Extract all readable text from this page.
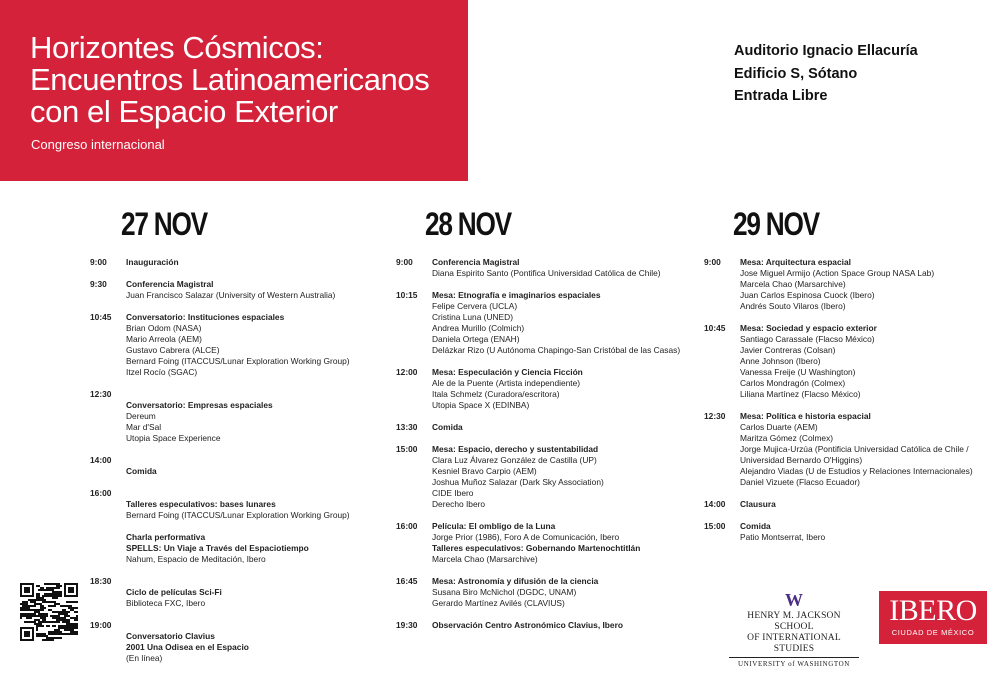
Horizontes Cósmicos:
Encuentros Latinoamericanos
con el Espacio Exterior
Congreso internacional
Auditorio Ignacio Ellacuría
Edificio S, Sótano
Entrada Libre
27 NOV	28 NOV	29 NOV
9:00 Inauguración
9:30 Conferencia Magistral
Juan Francisco Salazar (University of Western Australia)
10:45 Conversatorio: Instituciones espaciales
Brian Odom (NASA)
Mario Arreola (AEM)
Gustavo Cabrera (ALCE)
Bernard Foing (ITACCUS/Lunar Exploration Working Group)
Itzel Rocío (SGAC)
12:30
Conversatorio: Empresas espaciales
Dereum
Mar d'Sal
Utopia Space Experience
14:00
Comida
16:00
Talleres especulativos: bases lunares
Bernard Foing (ITACCUS/Lunar Exploration Working Group)
Charla performativa
SPELLS: Un Viaje a Través del Espaciotiempo
Nahum, Espacio de Meditación, Ibero
18:30
Ciclo de películas Sci-Fi
Biblioteca FXC, Ibero
19:00
Conversatorio Clavius
2001 Una Odisea en el Espacio
(En línea)
9:00 Conferencia Magistral
Diana Espirito Santo (Pontifica Universidad Católica de Chile)
10:15 Mesa: Etnografía e imaginarios espaciales
Felipe Cervera (UCLA)
Cristina Luna (UNED)
Andrea Murillo (Colmich)
Daniela Ortega (ENAH)
Delázkar Rizo (U Autónoma Chapingo-San Cristóbal de las Casas)
12:00 Mesa: Especulación y Ciencia Ficción
Ale de la Puente (Artista independiente)
Itala Schmelz (Curadora/escritora)
Utopia Space X (EDINBA)
13:30 Comida
15:00 Mesa: Espacio, derecho y sustentabilidad
Clara Luz Álvarez González de Castilla (UP)
Kesniel Bravo Carpio (AEM)
Joshua Muñoz Salazar (Dark Sky Association)
CIDE Ibero
Derecho Ibero
16:00 Película: El ombligo de la Luna
Jorge Prior (1986), Foro A de Comunicación, Ibero
Talleres especulativos: Gobernando Martenochtitlán
Marcela Chao (Marsarchive)
16:45 Mesa: Astronomía y difusión de la ciencia
Susana Biro McNichol (DGDC, UNAM)
Gerardo Martínez Avilés (CLAVIUS)
19:30 Observación Centro Astronómico Clavius, Ibero
9:00 Mesa: Arquitectura espacial
Jose Miguel Armijo (Action Space Group NASA Lab)
Marcela Chao (Marsarchive)
Juan Carlos Espinosa Cuock (Ibero)
Andrés Souto Vilaros (Ibero)
10:45 Mesa: Sociedad y espacio exterior
Santiago Carassale (Flacso México)
Javier Contreras (Colsan)
Anne Johnson (Ibero)
Vanessa Freije (U Washington)
Carlos Mondragón (Colmex)
Liliana Martínez (Flacso México)
12:30 Mesa: Política e historia espacial
Carlos Duarte (AEM)
Maritza Gómez (Colmex)
Jorge Mujica-Urzúa (Pontificia Universidad Católica de Chile /
Universidad Bernardo O'Higgins)
Alejandro Viadas (U de Estudios y Relaciones Internacionales)
Daniel Vizuete (Flacso Ecuador)
14:00 Clausura
15:00 Comida
Patio Montserrat, Ibero
W
HENRY M. JACKSON SCHOOL
OF INTERNATIONAL STUDIES
UNIVERSITY of WASHINGTON
IBERO
CIUDAD DE MÉXICO
